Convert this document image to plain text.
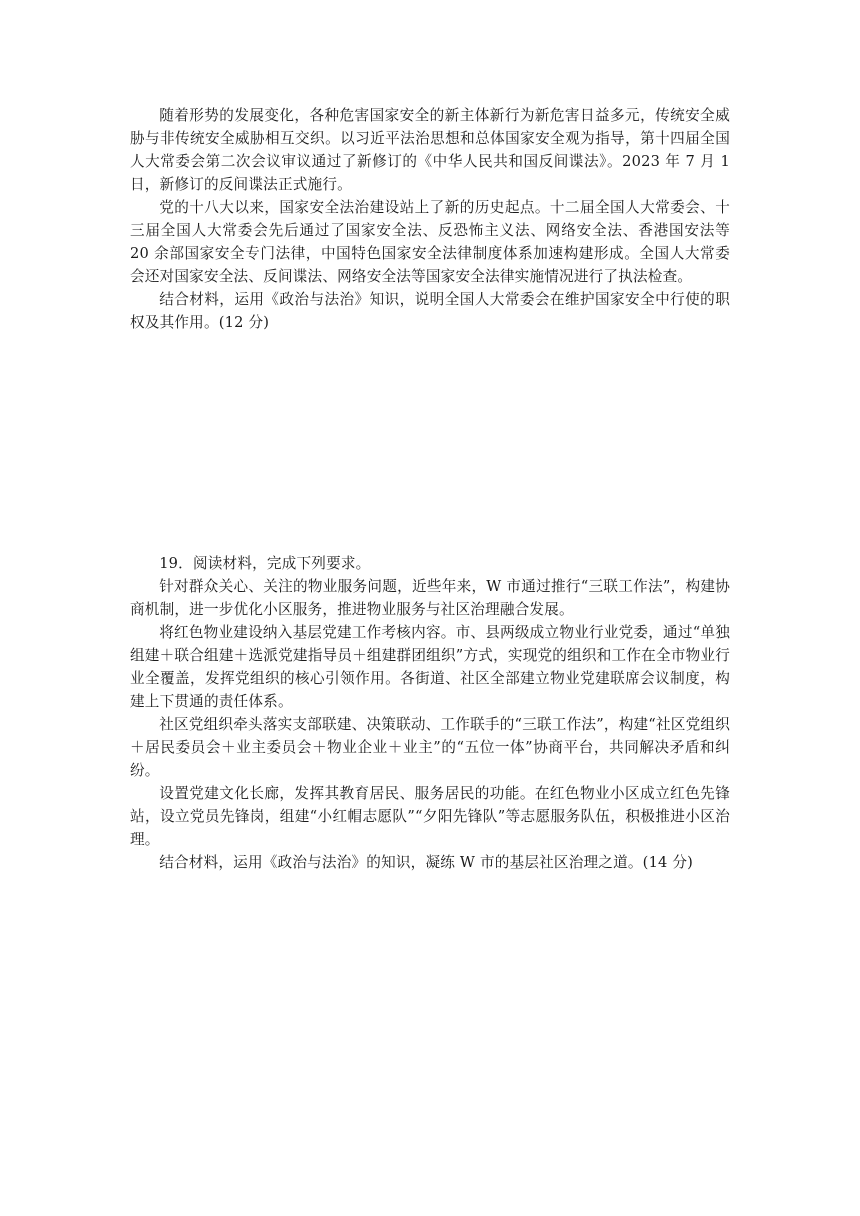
随着形势的发展变化，各种危害国家安全的新主体新行为新危害日益多元，传统安全威胁与非传统安全威胁相互交织。以习近平法治思想和总体国家安全观为指导，第十四届全国人大常委会第二次会议审议通过了新修订的《中华人民共和国反间谍法》。2023 年 7 月 1 日，新修订的反间谍法正式施行。

党的十八大以来，国家安全法治建设站上了新的历史起点。十二届全国人大常委会、十三届全国人大常委会先后通过了国家安全法、反恐怖主义法、网络安全法、香港国安法等 20 余部国家安全专门法律，中国特色国家安全法律制度体系加速构建形成。全国人大常委会还对国家安全法、反间谍法、网络安全法等国家安全法律实施情况进行了执法检查。

结合材料，运用《政治与法治》知识，说明全国人大常委会在维护国家安全中行使的职权及其作用。(12 分)

19．阅读材料，完成下列要求。

针对群众关心、关注的物业服务问题，近些年来，W 市通过推行“三联工作法”，构建协商机制，进一步优化小区服务，推进物业服务与社区治理融合发展。

将红色物业建设纳入基层党建工作考核内容。市、县两级成立物业行业党委，通过“单独组建＋联合组建＋选派党建指导员＋组建群团组织”方式，实现党的组织和工作在全市物业行业全覆盖，发挥党组织的核心引领作用。各街道、社区全部建立物业党建联席会议制度，构建上下贯通的责任体系。

社区党组织牵头落实支部联建、决策联动、工作联手的“三联工作法”，构建“社区党组织＋居民委员会＋业主委员会＋物业企业＋业主”的“五位一体”协商平台，共同解决矛盾和纠纷。

设置党建文化长廊，发挥其教育居民、服务居民的功能。在红色物业小区成立红色先锋站，设立党员先锋岗，组建“小红帽志愿队”“夕阳先锋队”等志愿服务队伍，积极推进小区治理。

结合材料，运用《政治与法治》的知识，凝练 W 市的基层社区治理之道。(14 分)
